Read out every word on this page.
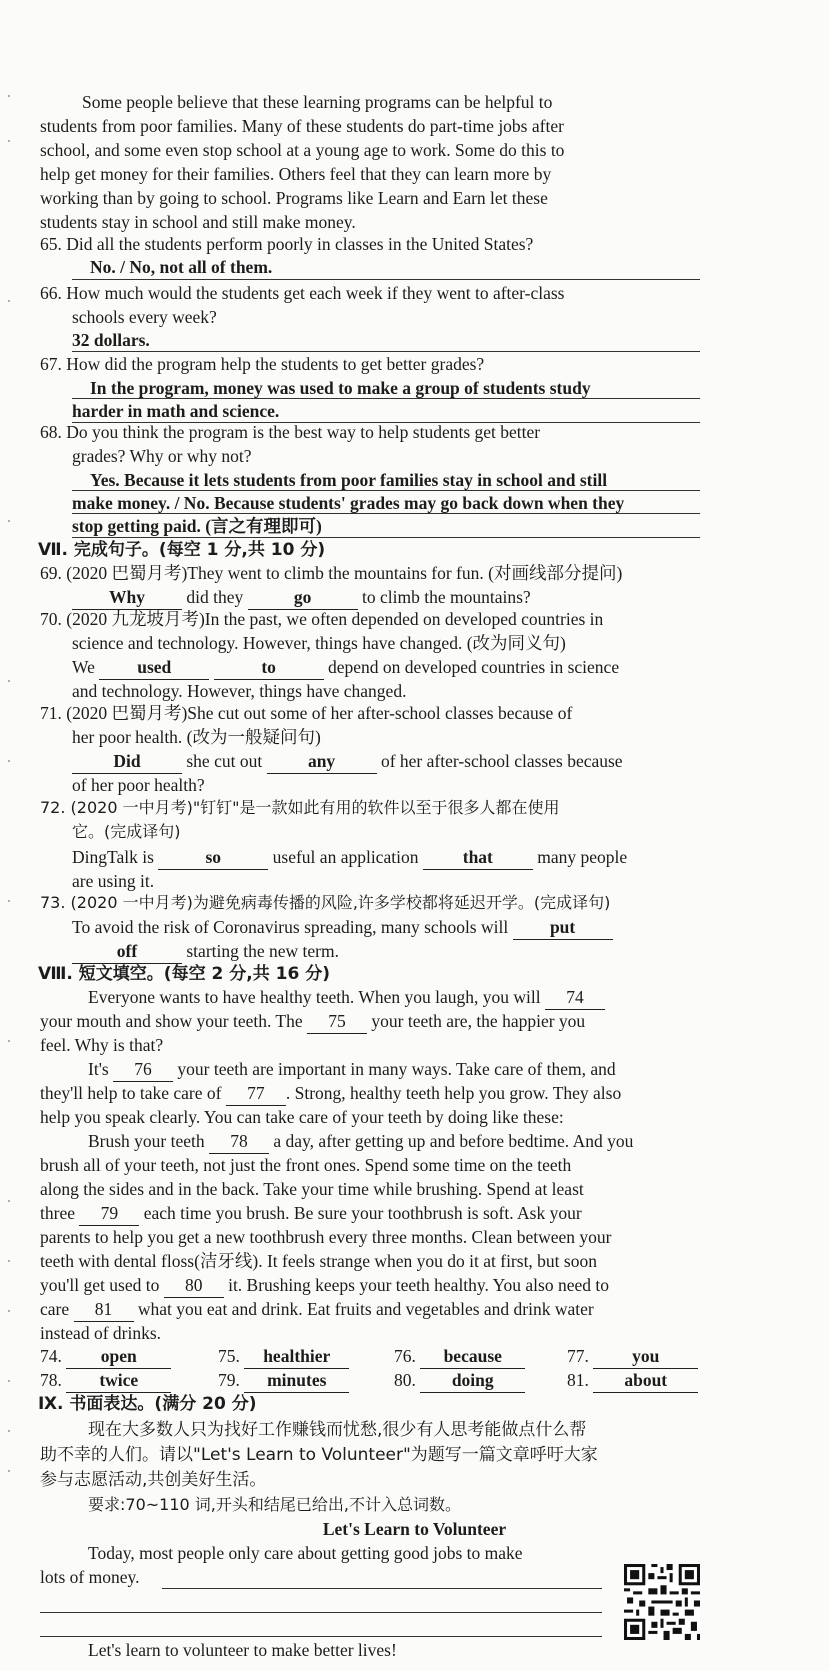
Some people believe that these learning programs can be helpful to
students from poor families. Many of these students do part-time jobs after
school, and some even stop school at a young age to work. Some do this to
help get money for their families. Others feel that they can learn more by
working than by going to school. Programs like Learn and Earn let these
students stay in school and still make money.
65. Did all the students perform poorly in classes in the United States?
No. / No, not all of them.
66. How much would the students get each week if they went to after-class
schools every week?
32 dollars.
67. How did the program help the students to get better grades?
In the program, money was used to make a group of students study
harder in math and science.
68. Do you think the program is the best way to help students get better
grades? Why or why not?
Yes. Because it lets students from poor families stay in school and still
make money. / No. Because students' grades may go back down when they
stop getting paid. (言之有理即可)
Ⅶ. 完成句子。(每空 1 分,共 10 分)
69. (2020 巴蜀月考)They went to climb the mountains for fun. (对画线部分提问)
Why did they	go	to climb the mountains?
70. (2020 九龙坡月考)In the past, we often depended on developed countries in
science and technology. However, things have changed. (改为同义句)
We used	to	depend on developed countries in science
and technology. However, things have changed.
71. (2020 巴蜀月考)She cut out some of her after-school classes because of
her poor health. (改为一般疑问句)
Did	she cut out	any	of her after-school classes because
of her poor health?
72. (2020 一中月考)"钉钉"是一款如此有用的软件以至于很多人都在使用
它。(完成译句)
DingTalk is	so	useful an application	that	many people
are using it.
73. (2020 一中月考)为避免病毒传播的风险,许多学校都将延迟开学。(完成译句)
To avoid the risk of Coronavirus spreading, many schools will put
off	starting the new term.
Ⅷ. 短文填空。(每空 2 分,共 16 分)
Everyone wants to have healthy teeth. When you laugh, you will 74
your mouth and show your teeth. The 75 your teeth are, the happier you
feel. Why is that?
It's 76 your teeth are important in many ways. Take care of them, and
they'll help to take care of 77 . Strong, healthy teeth help you grow. They also
help you speak clearly. You can take care of your teeth by doing like these:
Brush your teeth 78 a day, after getting up and before bedtime. And you
brush all of your teeth, not just the front ones. Spend some time on the teeth
along the sides and in the back. Take your time while brushing. Spend at least
three 79 each time you brush. Be sure your toothbrush is soft. Ask your
parents to help you get a new toothbrush every three months. Clean between your
teeth with dental floss(洁牙线). It feels strange when you do it at first, but soon
you'll get used to 80 it. Brushing keeps your teeth healthy. You also need to
care 81 what you eat and drink. Eat fruits and vegetables and drink water
instead of drinks.
74. open	75. healthier	76. because	77. you
78. twice	79. minutes	80. doing	81. about
Ⅸ. 书面表达。(满分 20 分)
现在大多数人只为找好工作赚钱而忧愁,很少有人思考能做点什么帮
助不幸的人们。请以"Let's Learn to Volunteer"为题写一篇文章呼吁大家
参与志愿活动,共创美好生活。
要求:70~110 词,开头和结尾已给出,不计入总词数。
Let's Learn to Volunteer
Today, most people only care about getting good jobs to make
lots of money.
Let's learn to volunteer to make better lives!
